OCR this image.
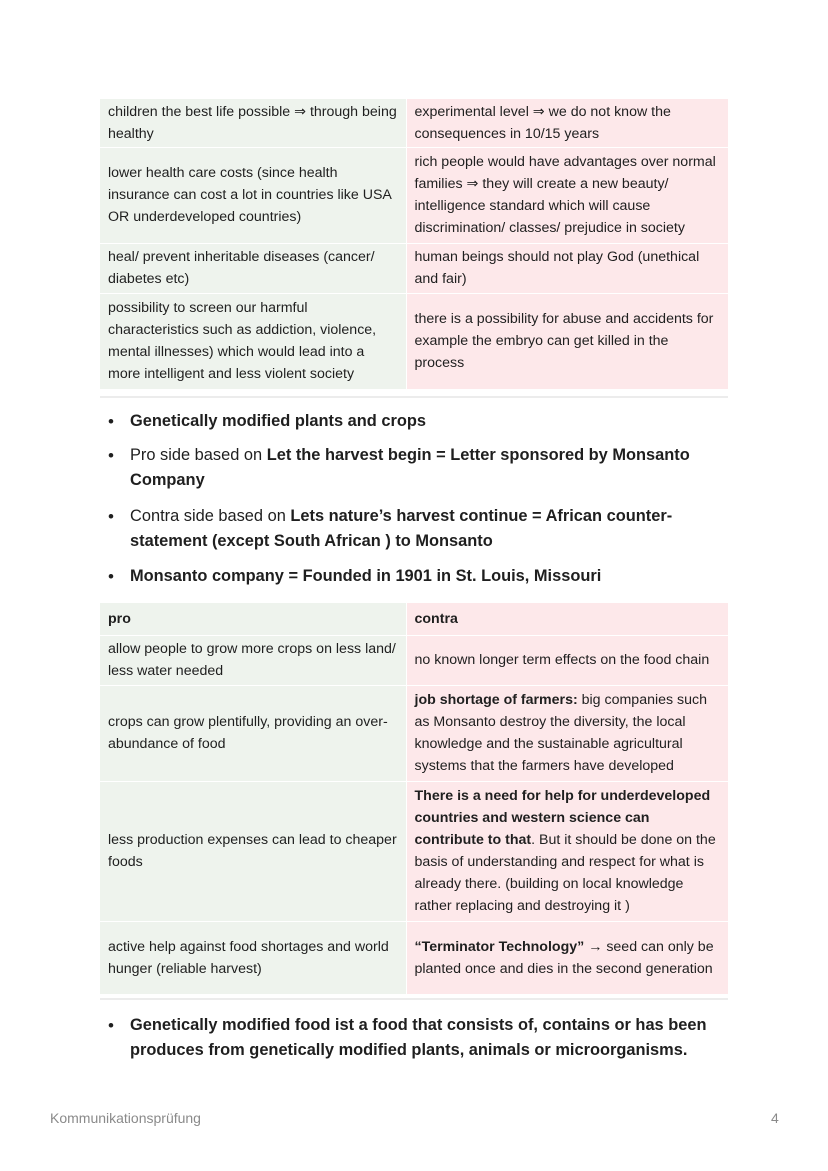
children the best life possible ⇒ through being healthy	experimental level ⇒ we do not know the consequences in 10/15 years
lower health care costs (since health insurance can cost a lot in countries like USA OR underdeveloped countries)	rich people would have advantages over normal families ⇒ they will create a new beauty/ intelligence standard which will cause discrimination/ classes/ prejudice in society
heal/ prevent inheritable diseases (cancer/ diabetes etc)	human beings should not play God (unethical and fair)
possibility to screen our harmful characteristics such as addiction, violence, mental illnesses) which would lead into a more intelligent and less violent society	there is a possibility for abuse and accidents for example the embryo can get killed in the process
• Genetically modified plants and crops
• Pro side based on Let the harvest begin = Letter sponsored by Monsanto Company
• Contra side based on Lets nature’s harvest continue = African counter-statement (except South African ) to Monsanto
• Monsanto company = Founded in 1901 in St. Louis, Missouri
pro	contra
allow people to grow more crops on less land/ less water needed	no known longer term effects on the food chain
crops can grow plentifully, providing an over-abundance of food	job shortage of farmers: big companies such as Monsanto destroy the diversity, the local knowledge and the sustainable agricultural systems that the farmers have developed
less production expenses can lead to cheaper foods	There is a need for help for underdeveloped countries and western science can contribute to that. But it should be done on the basis of understanding and respect for what is already there. (building on local knowledge rather replacing and destroying it )
active help against food shortages and world hunger (reliable harvest)	“Terminator Technology” → seed can only be planted once and dies in the second generation
• Genetically modified food ist a food that consists of, contains or has been produces from genetically modified plants, animals or microorganisms.
Kommunikationsprüfung	4
